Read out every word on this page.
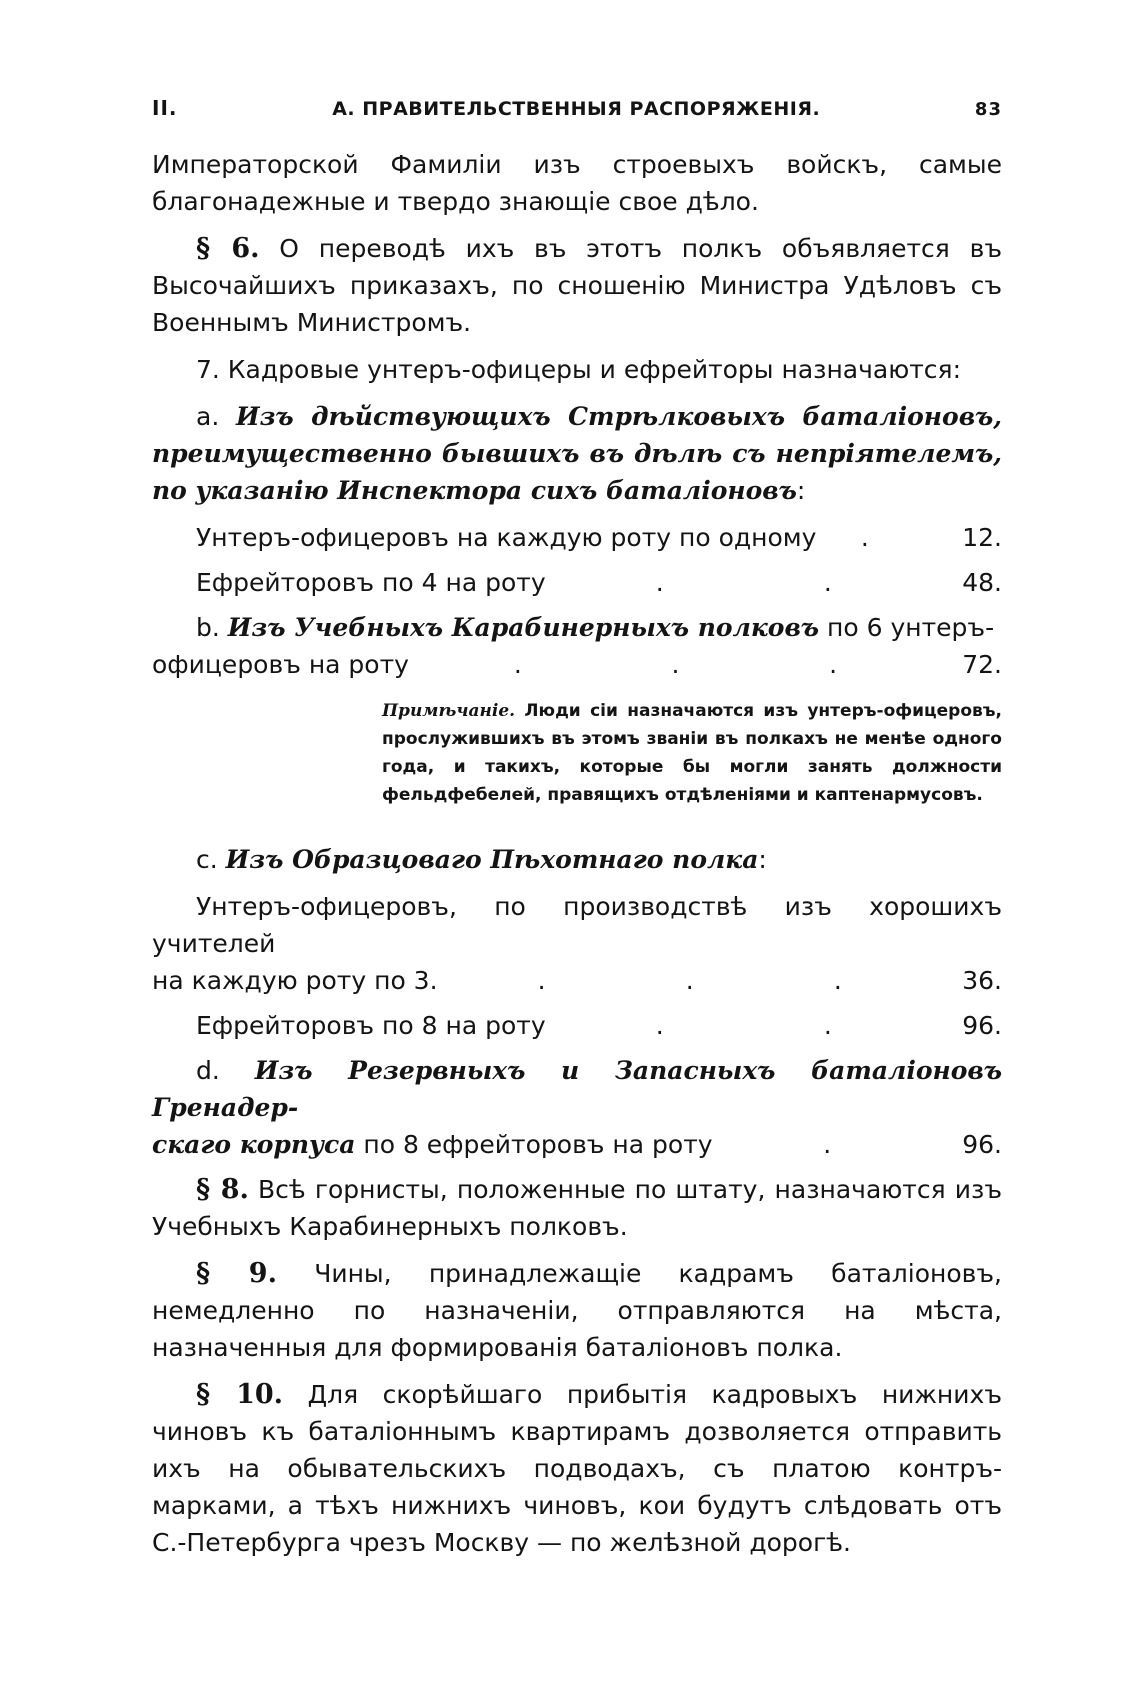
II.	А. ПРАВИТЕЛЬСТВЕННЫЯ РАСПОРЯЖЕНІЯ.	83

Императорской Фамиліи изъ строевыхъ войскъ, самые благонадежные и твердо знающіе свое дѣло.

§ 6. О переводѣ ихъ въ этотъ полкъ объявляется въ Высочайшихъ приказахъ, по сношенію Министра Удѣловъ съ Военнымъ Министромъ.

7. Кадровые унтеръ-офицеры и ефрейторы назначаются:

a. Изъ дѣйствующихъ Стрѣлковыхъ баталіоновъ, преимущественно бывшихъ въ дѣлѣ съ непріятелемъ, по указанію Инспектора сихъ баталіоновъ:

Унтеръ-офицеровъ на каждую роту по одному .	12.
Ефрейторовъ по 4 на роту	.	.	48.

b. Изъ Учебныхъ Карабинерныхъ полковъ по 6 унтеръ-

офицеровъ на роту	.	.	.	72.
Примѣчаніе. Люди сіи назначаются изъ унтеръ-офицеровъ, прослужившихъ въ этомъ званіи въ полкахъ не менѣе одного года, и такихъ, которые бы могли занять должности фельдфебелей, правящихъ отдѣленіями и каптенармусовъ.

c. Изъ Образцоваго Пѣхотнаго полка:

Унтеръ-офицеровъ, по производствѣ изъ хорошихъ учителей

на каждую роту по 3.	.	.	.	36.
Ефрейторовъ по 8 на роту	.	.	96.

d. Изъ Резервныхъ и Запасныхъ баталіоновъ Гренадер-

скаго корпуса по 8 ефрейторовъ на роту	.	96.

§ 8. Всѣ горнисты, положенные по штату, назначаются изъ Учебныхъ Карабинерныхъ полковъ.

§ 9. Чины, принадлежащіе кадрамъ баталіоновъ, немедленно по назначеніи, отправляются на мѣста, назначенныя для формированія баталіоновъ полка.

§ 10. Для скорѣйшаго прибытія кадровыхъ нижнихъ чиновъ къ баталіоннымъ квартирамъ дозволяется отправить ихъ на обывательскихъ подводахъ, съ платою контръ-марками, а тѣхъ нижнихъ чиновъ, кои будутъ слѣдовать отъ С.-Петербурга чрезъ Москву — по желѣзной дорогѣ.
